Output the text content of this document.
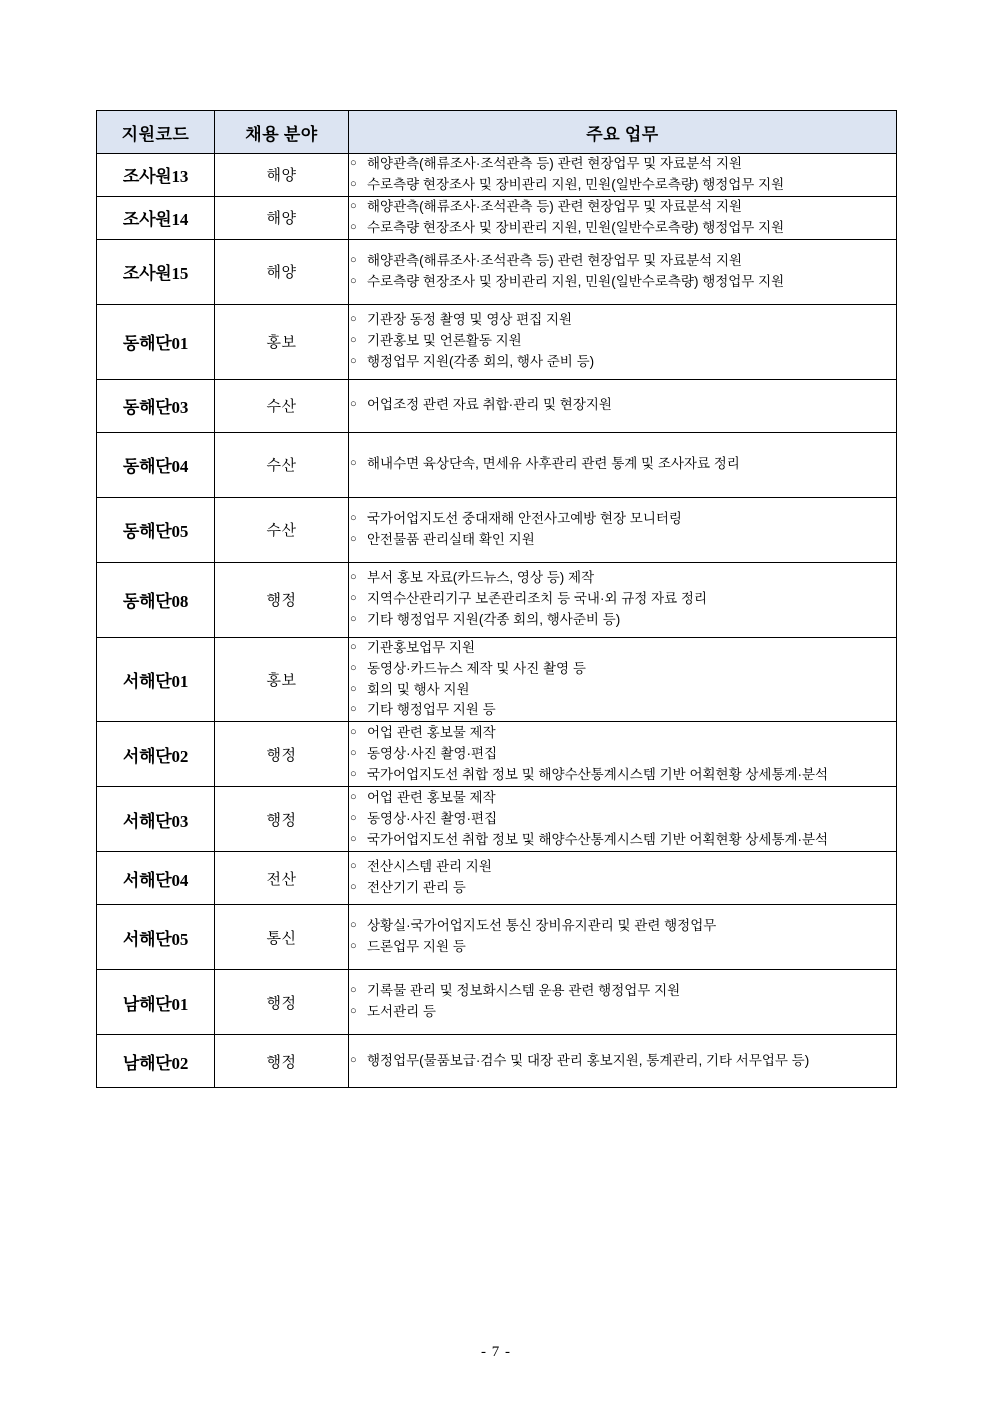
지원코드	채용 분야	주요 업무
조사원13	해양	
○ 해양관측(해류조사·조석관측 등) 관련 현장업무 및 자료분석 지원
○ 수로측량 현장조사 및 장비관리 지원, 민원(일반수로측량) 행정업무 지원

조사원14	해양	
○ 해양관측(해류조사·조석관측 등) 관련 현장업무 및 자료분석 지원
○ 수로측량 현장조사 및 장비관리 지원, 민원(일반수로측량) 행정업무 지원

조사원15	해양	
○ 해양관측(해류조사·조석관측 등) 관련 현장업무 및 자료분석 지원
○ 수로측량 현장조사 및 장비관리 지원, 민원(일반수로측량) 행정업무 지원

동해단01	홍보	
○ 기관장 동정 촬영 및 영상 편집 지원
○ 기관홍보 및 언론활동 지원
○ 행정업무 지원(각종 회의, 행사 준비 등)

동해단03	수산	○ 어업조정 관련 자료 취합·관리 및 현장지원

동해단04	수산	○ 해내수면 육상단속, 면세유 사후관리 관련 통계 및 조사자료 정리

동해단05	수산	
○ 국가어업지도선 중대재해 안전사고예방 현장 모니터링
○ 안전물품 관리실태 확인 지원

동해단08	행정	
○ 부서 홍보 자료(카드뉴스, 영상 등) 제작
○ 지역수산관리기구 보존관리조치 등 국내·외 규정 자료 정리
○ 기타 행정업무 지원(각종 회의, 행사준비 등)

서해단01	홍보	
○ 기관홍보업무 지원
○ 동영상·카드뉴스 제작 및 사진 촬영 등
○ 회의 및 행사 지원
○ 기타 행정업무 지원 등

서해단02	행정	
○ 어업 관련 홍보물 제작
○ 동영상·사진 촬영·편집
○ 국가어업지도선 취합 정보 및 해양수산통계시스템 기반 어획현황 상세통계·분석

서해단03	행정	
○ 어업 관련 홍보물 제작
○ 동영상·사진 촬영·편집
○ 국가어업지도선 취합 정보 및 해양수산통계시스템 기반 어획현황 상세통계·분석

서해단04	전산	
○ 전산시스템 관리 지원
○ 전산기기 관리 등

서해단05	통신	
○ 상황실·국가어업지도선 통신 장비유지관리 및 관련 행정업무
○ 드론업무 지원 등

남해단01	행정	
○ 기록물 관리 및 정보화시스템 운용 관련 행정업무 지원
○ 도서관리 등

남해단02	행정	○ 행정업무(물품보급·검수 및 대장 관리 홍보지원, 통계관리, 기타 서무업무 등)
- 7 -
